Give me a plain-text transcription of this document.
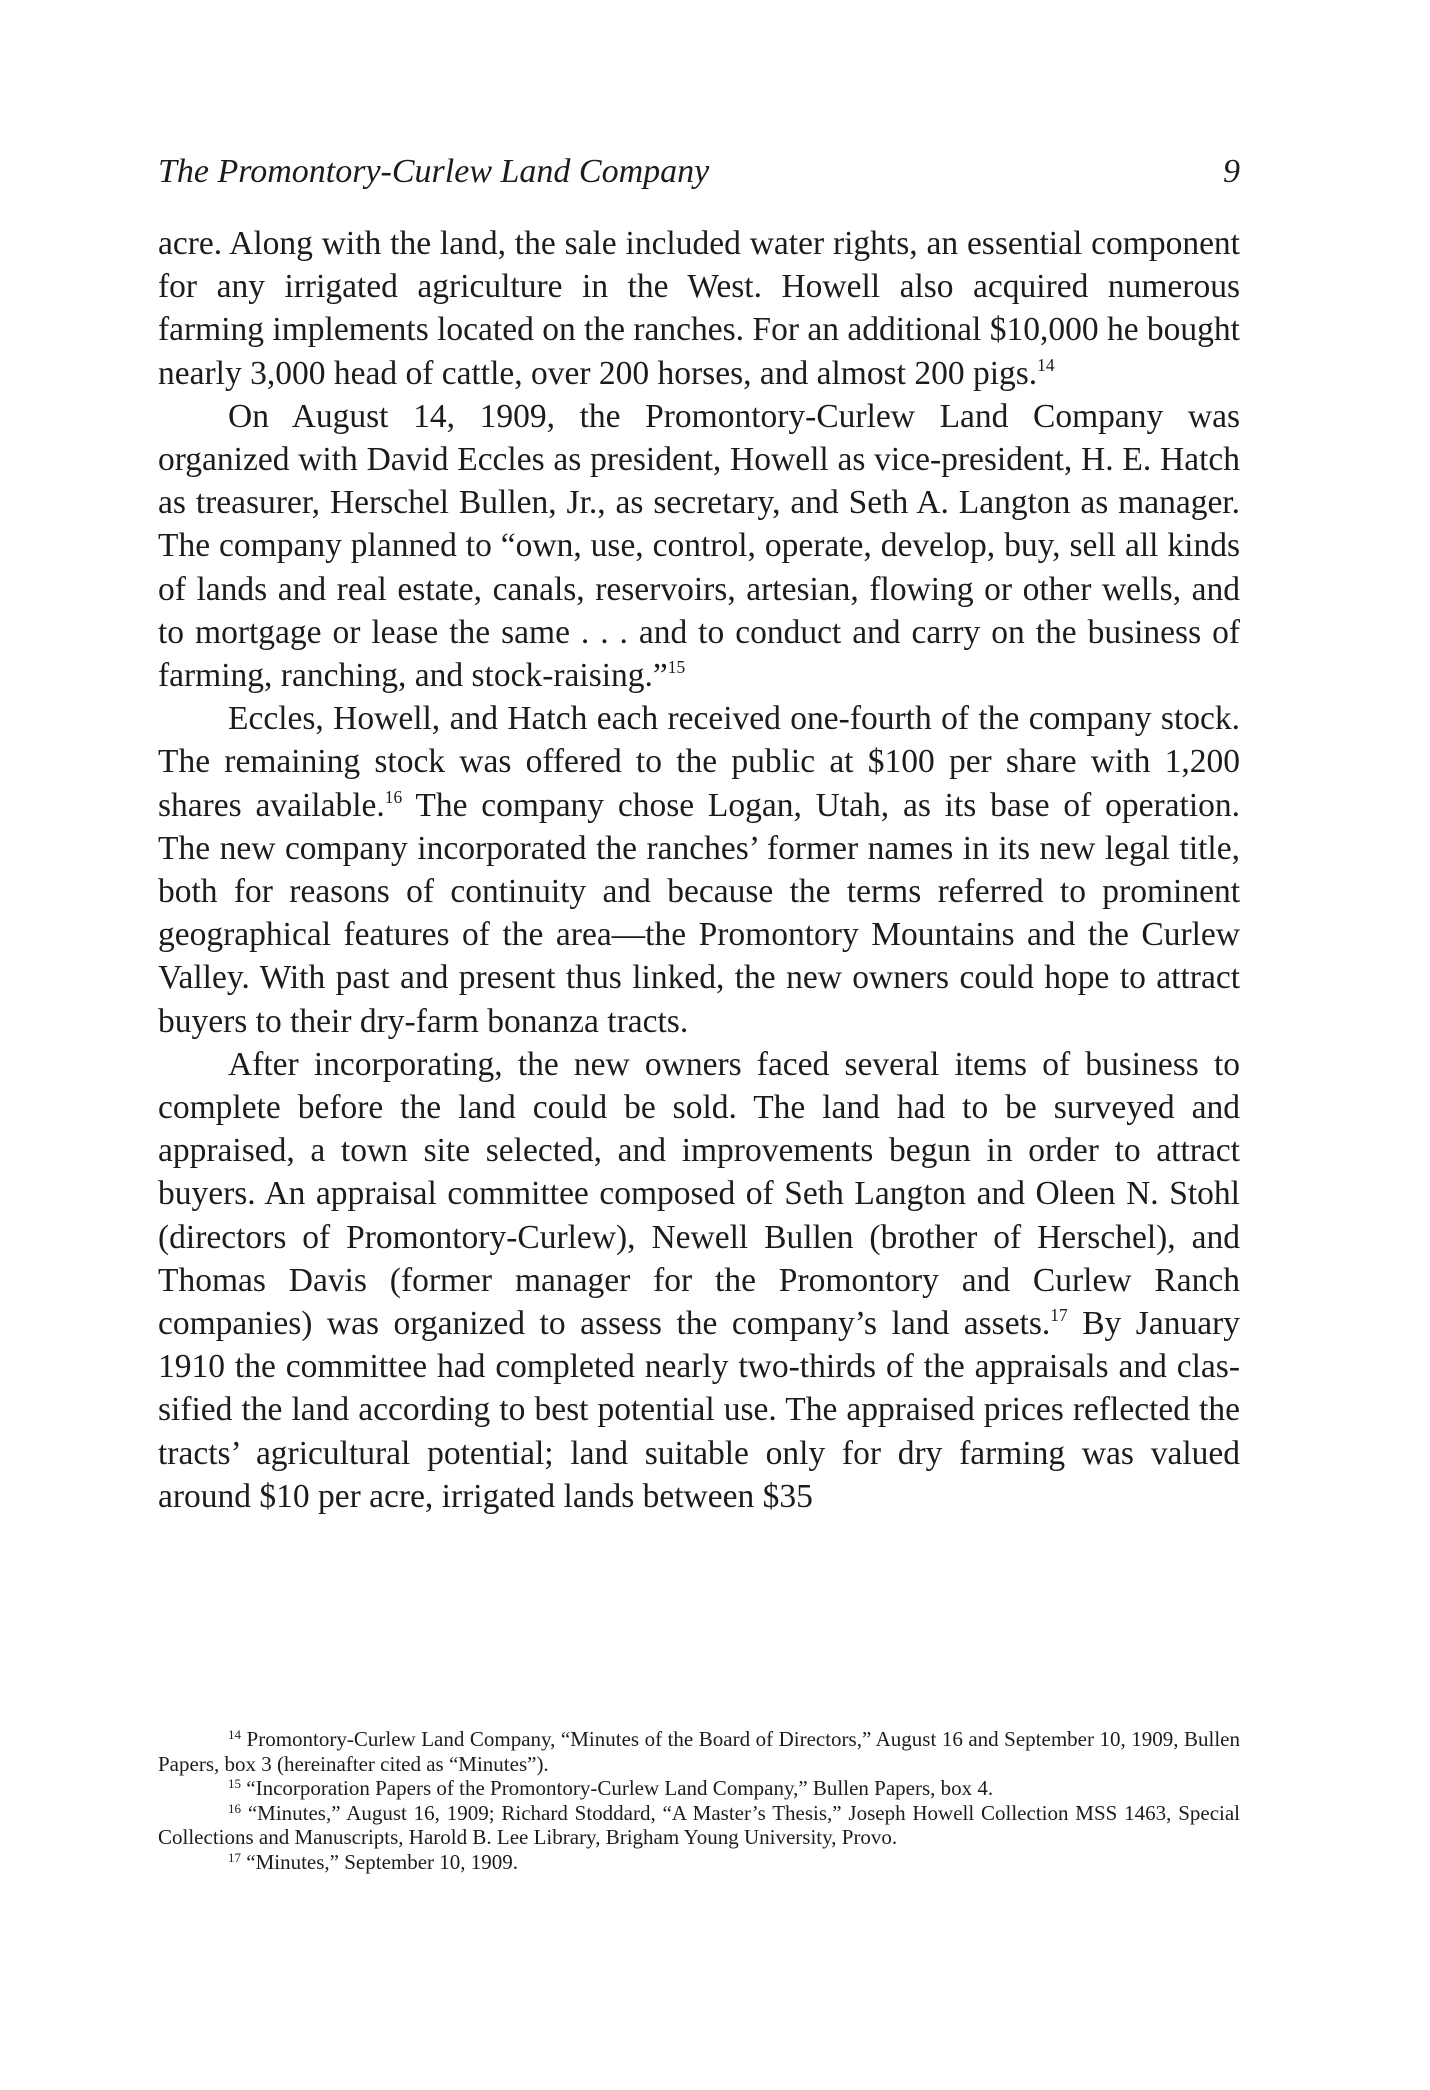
The Promontory-Curlew Land Company	9

acre. Along with the land, the sale included water rights, an essential component for any irrigated agriculture in the West. Howell also acquired numerous farming implements located on the ranches. For an additional $10,000 he bought nearly 3,000 head of cattle, over 200 horses, and almost 200 pigs.$^{14}$

On August 14, 1909, the Promontory-Curlew Land Company was organized with David Eccles as president, Howell as vice-president, H. E. Hatch as treasurer, Herschel Bullen, Jr., as secretary, and Seth A. Langton as manager. The company planned to “own, use, control, operate, develop, buy, sell all kinds of lands and real estate, canals, reservoirs, artesian, flowing or other wells, and to mortgage or lease the same . . . and to conduct and carry on the business of farming, ranching, and stock-raising.”$^{15}$

Eccles, Howell, and Hatch each received one-fourth of the company stock. The remaining stock was offered to the public at $100 per share with 1,200 shares available.$^{16}$ The company chose Logan, Utah, as its base of operation. The new company incorporated the ranches’ former names in its new legal title, both for reasons of continuity and because the terms referred to prominent geographical features of the area—the Promontory Mountains and the Curlew Valley. With past and present thus linked, the new owners could hope to attract buyers to their dry-farm bonanza tracts.

After incorporating, the new owners faced several items of business to complete before the land could be sold. The land had to be surveyed and appraised, a town site selected, and improvements begun in order to attract buyers. An appraisal committee composed of Seth Langton and Oleen N. Stohl (directors of Promontory-Curlew), Newell Bullen (brother of Herschel), and Thomas Davis (former manager for the Promontory and Curlew Ranch companies) was organized to assess the company’s land assets.$^{17}$ By January 1910 the committee had completed nearly two-thirds of the appraisals and classified the land according to best potential use. The appraised prices reflected the tracts’ agricultural potential; land suitable only for dry farming was valued around $10 per acre, irrigated lands between $35

$^{14}$ Promontory-Curlew Land Company, “Minutes of the Board of Directors,” August 16 and September 10, 1909, Bullen Papers, box 3 (hereinafter cited as “Minutes”).

$^{15}$ “Incorporation Papers of the Promontory-Curlew Land Company,” Bullen Papers, box 4.

$^{16}$ “Minutes,” August 16, 1909; Richard Stoddard, “A Master’s Thesis,” Joseph Howell Collection MSS 1463, Special Collections and Manuscripts, Harold B. Lee Library, Brigham Young University, Provo.

$^{17}$ “Minutes,” September 10, 1909.
